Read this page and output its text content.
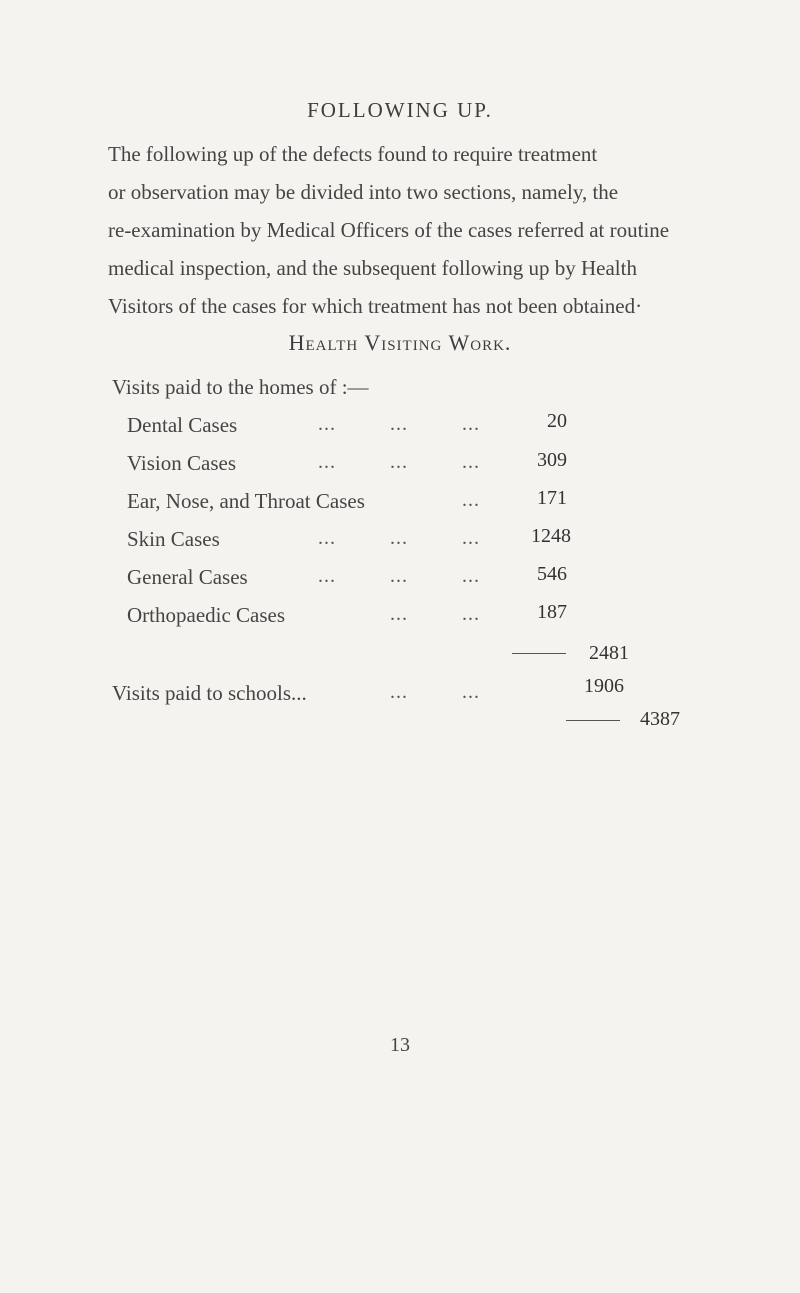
FOLLOWING UP.
The following up of the defects found to require treatment
or observation may be divided into two sections, namely, the
re-examination by Medical Officers of the cases referred at routine
medical inspection, and the subsequent following up by Health
Visitors of the cases for which treatment has not been obtained·
Health Visiting Work.
Visits paid to the homes of :—
Dental Cases	...	...	...	20
Vision Cases	...	...	...	309
Ear, Nose, and Throat Cases	...	171
Skin Cases	...	...	...	1248
General Cases	...	...	...	546
Orthopaedic Cases	...	...	187
2481
Visits paid to schools...	...	...	1906
4387
13
